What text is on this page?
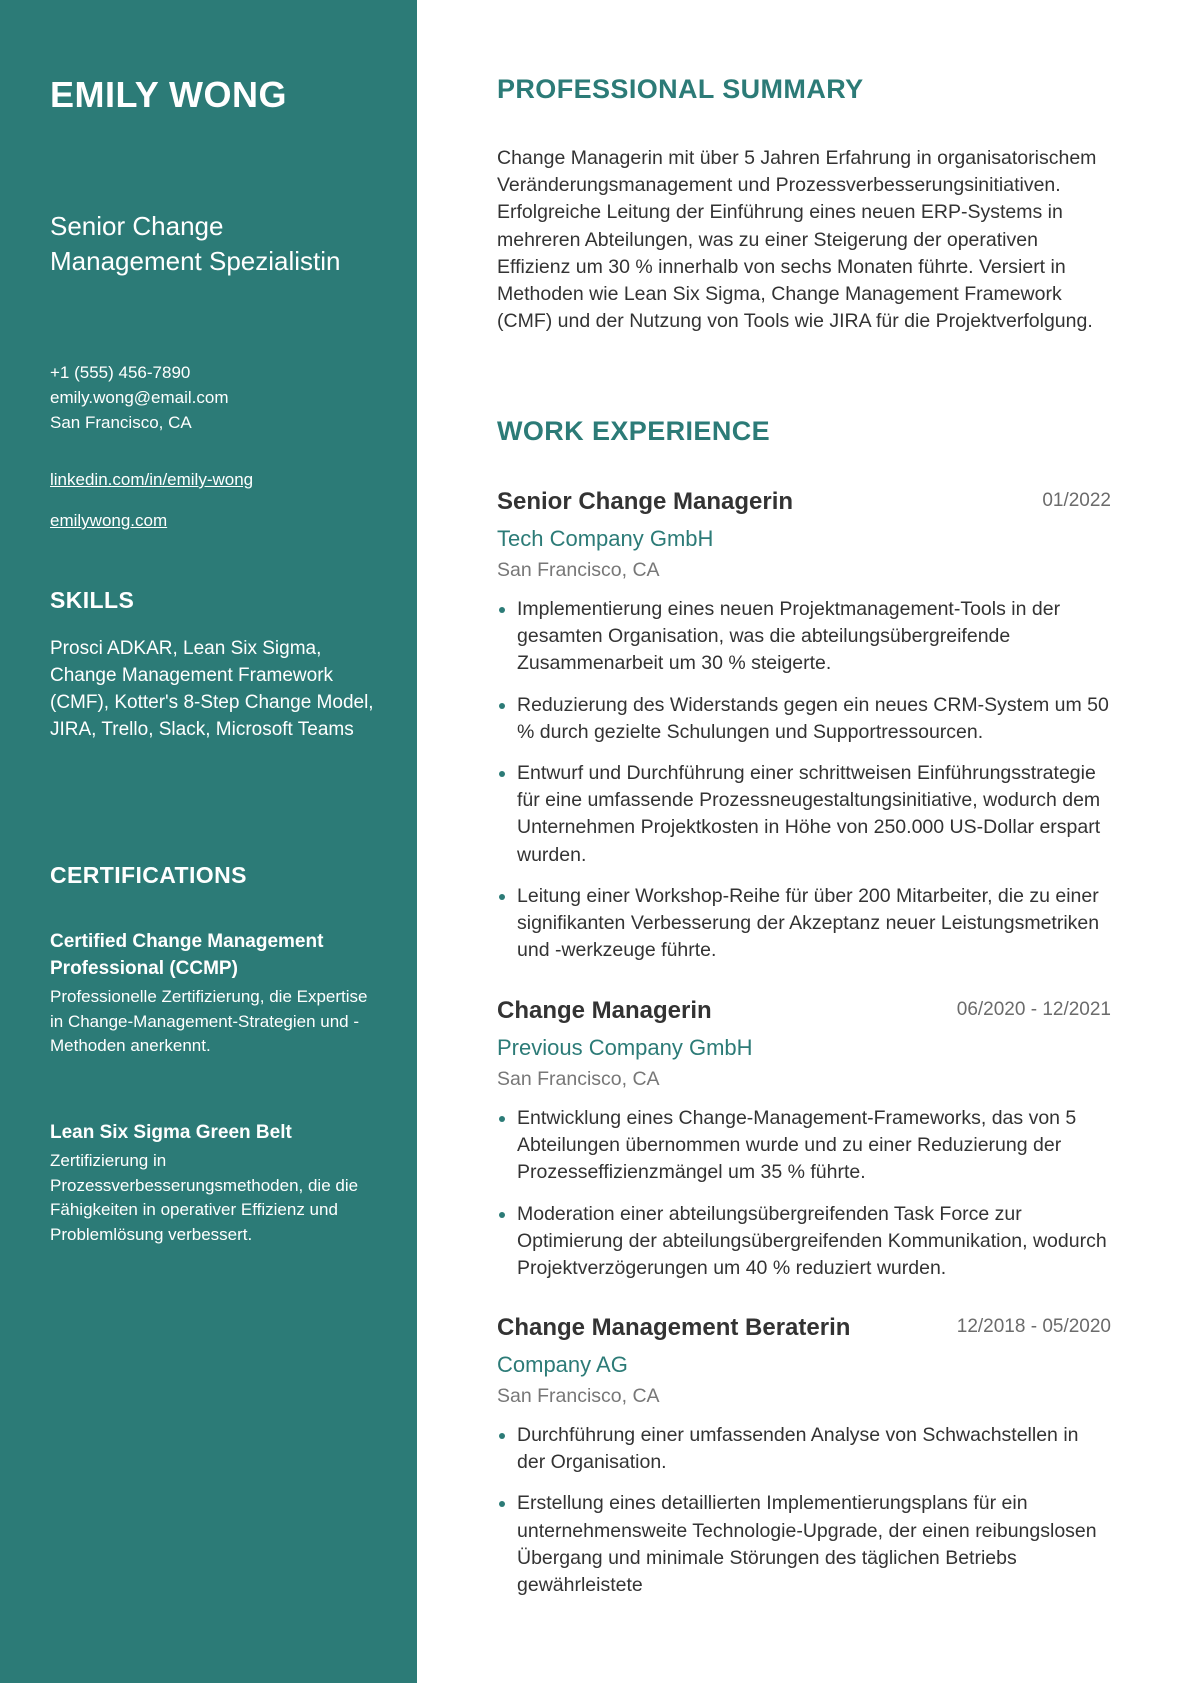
EMILY WONG

Senior Change Management Spezialistin

+1 (555) 456-7890
emily.wong@email.com
San Francisco, CA
linkedin.com/in/emily-wong
emilywong.com
SKILLS
Prosci ADKAR, Lean Six Sigma, Change Management Framework (CMF), Kotter's 8-Step Change Model, JIRA, Trello, Slack, Microsoft Teams
CERTIFICATIONS
Certified Change Management Professional (CCMP)
Professionelle Zertifizierung, die Expertise in Change-Management-Strategien und -Methoden anerkennt.
Lean Six Sigma Green Belt
Zertifizierung in Prozessverbesserungsmethoden, die die Fähigkeiten in operativer Effizienz und Problemlösung verbessert.
PROFESSIONAL SUMMARY
Change Managerin mit über 5 Jahren Erfahrung in organisatorischem Veränderungsmanagement und Prozessverbesserungsinitiativen. Erfolgreiche Leitung der Einführung eines neuen ERP-Systems in mehreren Abteilungen, was zu einer Steigerung der operativen Effizienz um 30 % innerhalb von sechs Monaten führte. Versiert in Methoden wie Lean Six Sigma, Change Management Framework (CMF) und der Nutzung von Tools wie JIRA für die Projektverfolgung.
WORK EXPERIENCE
Senior Change Managerin	01/2022
Tech Company GmbH
San Francisco, CA
Implementierung eines neuen Projektmanagement-Tools in der gesamten Organisation, was die abteilungsübergreifende Zusammenarbeit um 30 % steigerte.
Reduzierung des Widerstands gegen ein neues CRM-System um 50 % durch gezielte Schulungen und Supportressourcen.
Entwurf und Durchführung einer schrittweisen Einführungsstrategie für eine umfassende Prozessneugestaltungsinitiative, wodurch dem Unternehmen Projektkosten in Höhe von 250.000 US-Dollar erspart wurden.
Leitung einer Workshop-Reihe für über 200 Mitarbeiter, die zu einer signifikanten Verbesserung der Akzeptanz neuer Leistungsmetriken und -werkzeuge führte.
Change Managerin	06/2020 - 12/2021
Previous Company GmbH
San Francisco, CA
Entwicklung eines Change-Management-Frameworks, das von 5 Abteilungen übernommen wurde und zu einer Reduzierung der Prozesseffizienzmängel um 35 % führte.
Moderation einer abteilungsübergreifenden Task Force zur Optimierung der abteilungsübergreifenden Kommunikation, wodurch Projektverzögerungen um 40 % reduziert wurden.
Change Management Beraterin	12/2018 - 05/2020
Company AG
San Francisco, CA
Durchführung einer umfassenden Analyse von Schwachstellen in der Organisation.
Erstellung eines detaillierten Implementierungsplans für ein unternehmensweite Technologie-Upgrade, der einen reibungslosen Übergang und minimale Störungen des täglichen Betriebs gewährleistete
